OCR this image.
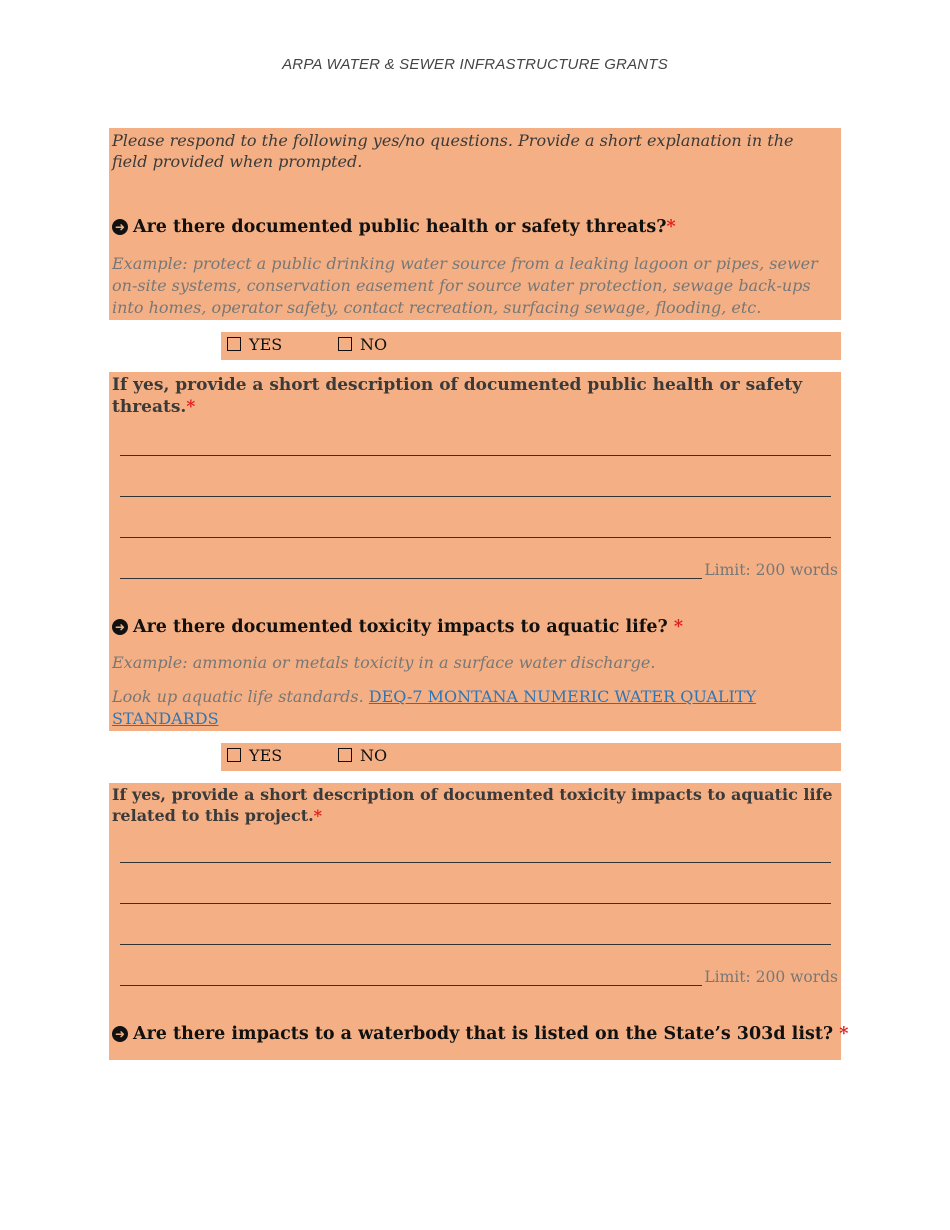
ARPA WATER & SEWER INFRASTRUCTURE GRANTS
Please respond to the following yes/no questions. Provide a short explanation in the field provided when prompted.
➜ Are there documented public health or safety threats?*
Example: protect a public drinking water source from a leaking lagoon or pipes, sewer on-site systems, conservation easement for source water protection, sewage back-ups into homes, operator safety, contact recreation, surfacing sewage, flooding, etc.
YES	NO
If yes, provide a short description of documented public health or safety threats.*
Limit: 200 words
➜ Are there documented toxicity impacts to aquatic life? *
Example: ammonia or metals toxicity in a surface water discharge.
Look up aquatic life standards. DEQ-7 MONTANA NUMERIC WATER QUALITY STANDARDS
YES	NO
If yes, provide a short description of documented toxicity impacts to aquatic life related to this project.*
Limit: 200 words
➜ Are there impacts to a waterbody that is listed on the State’s 303d list? *
